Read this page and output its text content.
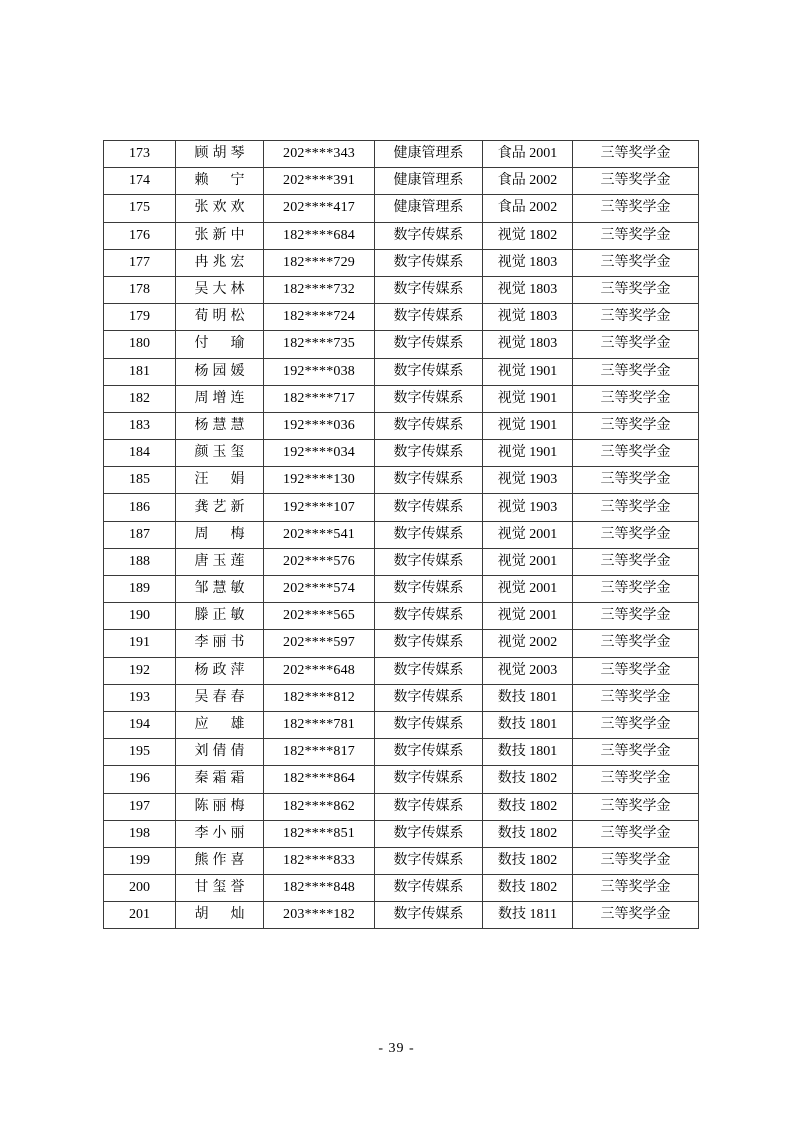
173	顾胡琴	202****343	健康管理系	食品 2001	三等奖学金
174	赖宁	202****391	健康管理系	食品 2002	三等奖学金
175	张欢欢	202****417	健康管理系	食品 2002	三等奖学金
176	张新中	182****684	数字传媒系	视觉 1802	三等奖学金
177	冉兆宏	182****729	数字传媒系	视觉 1803	三等奖学金
178	吴大林	182****732	数字传媒系	视觉 1803	三等奖学金
179	荀明松	182****724	数字传媒系	视觉 1803	三等奖学金
180	付瑜	182****735	数字传媒系	视觉 1803	三等奖学金
181	杨园媛	192****038	数字传媒系	视觉 1901	三等奖学金
182	周增连	182****717	数字传媒系	视觉 1901	三等奖学金
183	杨慧慧	192****036	数字传媒系	视觉 1901	三等奖学金
184	颜玉玺	192****034	数字传媒系	视觉 1901	三等奖学金
185	汪娟	192****130	数字传媒系	视觉 1903	三等奖学金
186	龚艺新	192****107	数字传媒系	视觉 1903	三等奖学金
187	周梅	202****541	数字传媒系	视觉 2001	三等奖学金
188	唐玉莲	202****576	数字传媒系	视觉 2001	三等奖学金
189	邹慧敏	202****574	数字传媒系	视觉 2001	三等奖学金
190	滕正敏	202****565	数字传媒系	视觉 2001	三等奖学金
191	李丽书	202****597	数字传媒系	视觉 2002	三等奖学金
192	杨政萍	202****648	数字传媒系	视觉 2003	三等奖学金
193	吴春春	182****812	数字传媒系	数技 1801	三等奖学金
194	应雄	182****781	数字传媒系	数技 1801	三等奖学金
195	刘倩倩	182****817	数字传媒系	数技 1801	三等奖学金
196	秦霜霜	182****864	数字传媒系	数技 1802	三等奖学金
197	陈丽梅	182****862	数字传媒系	数技 1802	三等奖学金
198	李小丽	182****851	数字传媒系	数技 1802	三等奖学金
199	熊作喜	182****833	数字传媒系	数技 1802	三等奖学金
200	甘玺誉	182****848	数字传媒系	数技 1802	三等奖学金
201	胡灿	203****182	数字传媒系	数技 1811	三等奖学金
- 39 -
